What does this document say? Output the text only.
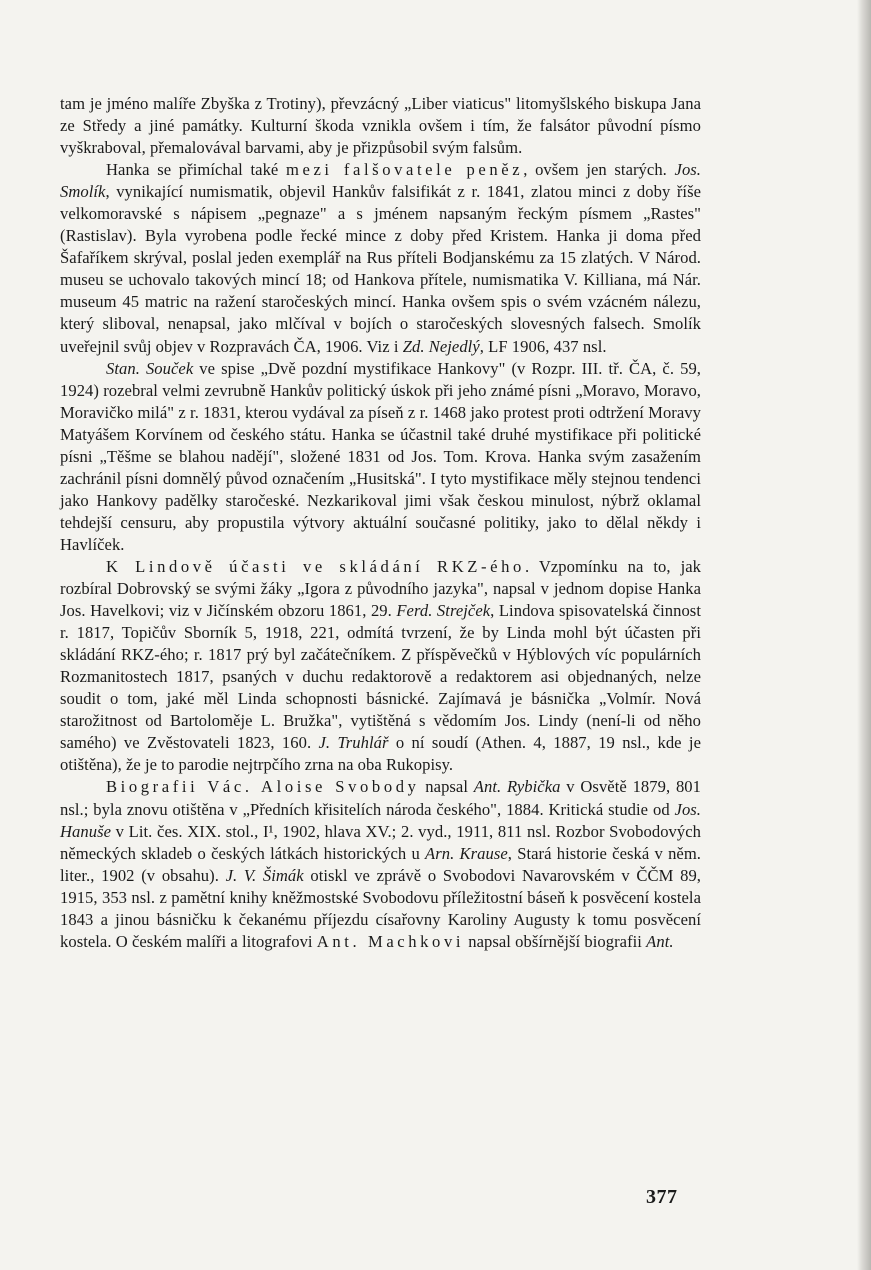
tam je jméno malíře Zbyška z Trotiny), převzácný „Liber viaticus" litomyšlského biskupa Jana ze Středy a jiné památky. Kulturní škoda vznikla ovšem i tím, že falsátor původní písmo vyškraboval, přemalovával barvami, aby je přizpůsobil svým falsům.

Hanka se přimíchal také mezi falšovatele peněz, ovšem jen starých. Jos. Smolík, vynikající numismatik, objevil Hankův falsifikát z r. 1841, zlatou minci z doby říše velkomoravské s nápisem „pegnaze" a s jménem napsaným řeckým písmem „Rastes" (Rastislav). Byla vyrobena podle řecké mince z doby před Kristem. Hanka ji doma před Šafaříkem skrýval, poslal jeden exemplář na Rus příteli Bodjanskému za 15 zlatých. V Národ. museu se uchovalo takových mincí 18; od Hankova přítele, numismatika V. Killiana, má Nár. museum 45 matric na ražení staročeských mincí. Hanka ovšem spis o svém vzácném nálezu, který sliboval, nenapsal, jako mlčíval v bojích o staročeských slovesných falsech. Smolík uveřejnil svůj objev v Rozpravách ČA, 1906. Viz i Zd. Nejedlý, LF 1906, 437 nsl.

Stan. Souček ve spise „Dvě pozdní mystifikace Hankovy" (v Rozpr. III. tř. ČA, č. 59, 1924) rozebral velmi zevrubně Hankův politický úskok při jeho známé písni „Moravo, Moravo, Moravičko milá" z r. 1831, kterou vydával za píseň z r. 1468 jako protest proti odtržení Moravy Matyášem Korvínem od českého státu. Hanka se účastnil také druhé mystifikace při politické písni „Těšme se blahou nadějí", složené 1831 od Jos. Tom. Krova. Hanka svým zasažením zachránil písni domnělý původ označením „Husitská". I tyto mystifikace měly stejnou tendenci jako Hankovy padělky staročeské. Nezkarikoval jimi však českou minulost, nýbrž oklamal tehdejší censuru, aby propustila výtvory aktuální současné politiky, jako to dělal někdy i Havlíček.

K Lindově účasti ve skládání RKZ-ého. Vzpomínku na to, jak rozbíral Dobrovský se svými žáky „Igora z původního jazyka", napsal v jednom dopise Hanka Jos. Havelkovi; viz v Jičínském obzoru 1861, 29. Ferd. Strejček, Lindova spisovatelská činnost r. 1817, Topičův Sborník 5, 1918, 221, odmítá tvrzení, že by Linda mohl být účasten při skládání RKZ-ého; r. 1817 prý byl začátečníkem. Z příspěvečků v Hýblových víc populárních Rozmanitostech 1817, psaných v duchu redaktorově a redaktorem asi objednaných, nelze soudit o tom, jaké měl Linda schopnosti básnické. Zajímavá je básnička „Volmír. Nová starožitnost od Bartoloměje L. Bružka", vytištěná s vědomím Jos. Lindy (není-li od něho samého) ve Zvěstovateli 1823, 160. J. Truhlář o ní soudí (Athen. 4, 1887, 19 nsl., kde je otištěna), že je to parodie nejtrpčího zrna na oba Rukopisy.

Biografii Vác. Aloise Svobody napsal Ant. Rybička v Osvětě 1879, 801 nsl.; byla znovu otištěna v „Předních křisitelích národa českého", 1884. Kritická studie od Jos. Hanuše v Lit. čes. XIX. stol., I¹, 1902, hlava XV.; 2. vyd., 1911, 811 nsl. Rozbor Svobodových německých skladeb o českých látkách historických u Arn. Krause, Stará historie česká v něm. liter., 1902 (v obsahu). J. V. Šimák otiskl ve zprávě o Svobodovi Navarovském v ČČM 89, 1915, 353 nsl. z pamětní knihy kněžmostské Svobodovu příležitostní báseň k posvěcení kostela 1843 a jinou básničku k čekanému příjezdu císařovny Karoliny Augusty k tomu posvěcení kostela. O českém malíři a litografovi Ant. Machkovi napsal obšírnější biografii Ant.

377
